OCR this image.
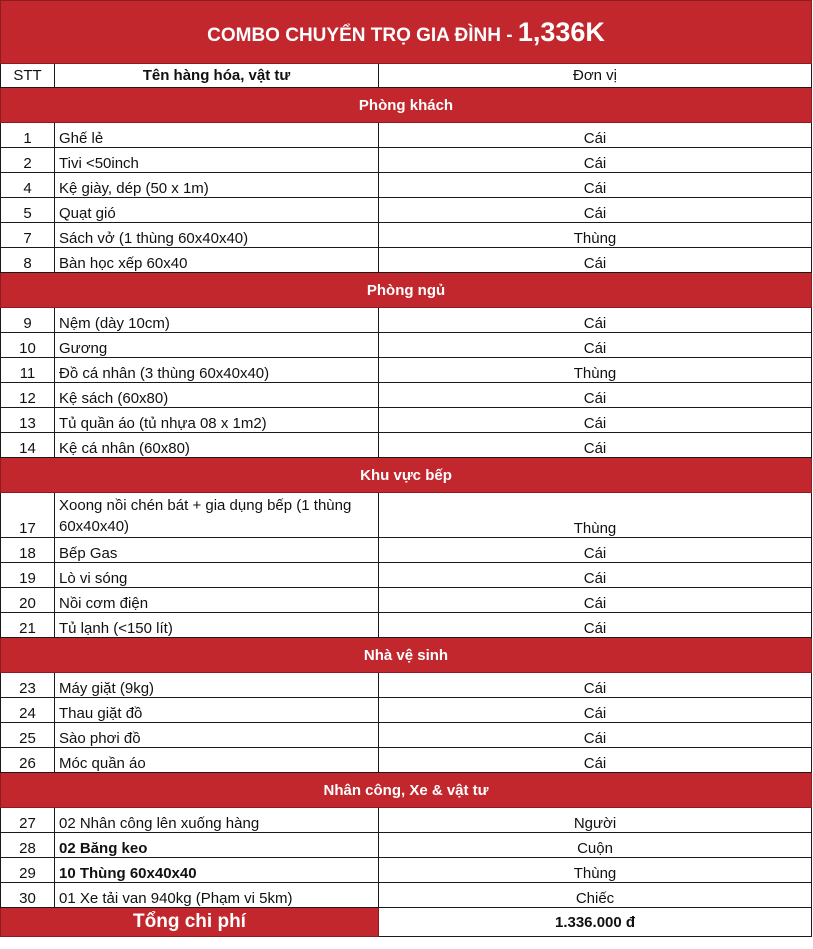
COMBO CHUYỂN TRỌ GIA ĐÌNH - 1,336K		
STT	Tên hàng hóa, vật tư	Đơn vị
Phòng khách		
1	Ghế lẻ	Cái
2	Tivi <50inch	Cái
4	Kệ giày, dép (50 x 1m)	Cái
5	Quạt gió	Cái
7	Sách vở (1 thùng 60x40x40)	Thùng
8	Bàn học xếp 60x40	Cái
Phòng ngủ		
9	Nệm (dày 10cm)	Cái
10	Gương	Cái
11	Đồ cá nhân (3 thùng 60x40x40)	Thùng
12	Kệ sách (60x80)	Cái
13	Tủ quần áo (tủ nhựa 08 x 1m2)	Cái
14	Kệ cá nhân (60x80)	Cái
Khu vực bếp		
17	Xoong nồi chén bát + gia dụng bếp (1 thùng 60x40x40)	Thùng
18	Bếp Gas	Cái
19	Lò vi sóng	Cái
20	Nồi cơm điện	Cái
21	Tủ lạnh (<150 lít)	Cái
Nhà vệ sinh		
23	Máy giặt (9kg)	Cái
24	Thau giặt đồ	Cái
25	Sào phơi đồ	Cái
26	Móc quần áo	Cái
Nhân công, Xe & vật tư		
27	02 Nhân công lên xuống hàng	Người
28	02 Băng keo	Cuộn
29	10 Thùng 60x40x40	Thùng
30	01 Xe tải van 940kg (Phạm vi 5km)	Chiếc
Tổng chi phí		1.336.000 đ
